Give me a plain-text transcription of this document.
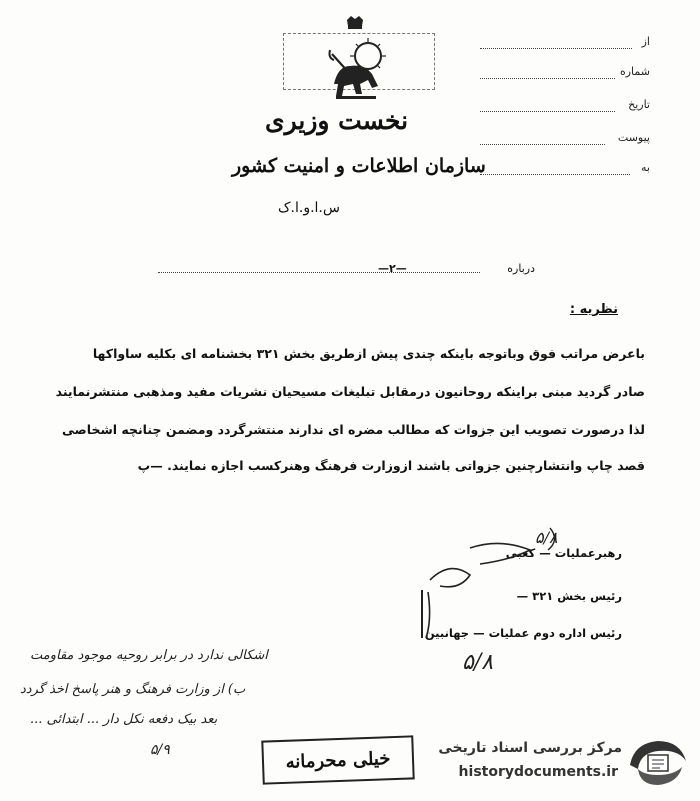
از
شماره
تاریخ
پیوست
به
نخست وزیری
سازمان اطلاعات و امنیت کشور
س.ا.و.ا.ک
درباره
—۲—
نظریه :
باعرض مراتب فوق وباتوجه باینکه چندی پیش ازطریق بخش ۳۲۱ بخشنامه ای بکلیه ساواکها
صادر گردید مبنی براینکه روحانیون درمقابل تبلیغات مسیحیان نشریات مفید ومذهبی منتشرنمایند
لذا درصورت تصویب این جزوات که مطالب مضره ای ندارند منتشرگردد ومضمن چنانچه اشخاصی
قصد چاپ وانتشارچنین جزواتی باشند ازوزارت فرهنگ وهنرکسب اجازه نمایند. —پ
رهبرعملیات — کعبی
رئیس بخش ۳۲۱ —
رئیس اداره دوم عملیات — جهانبین
۵/۸
۵/۸
اشکالی ندارد در برابر روحیه موجود مقاومت
ب) از وزارت فرهنگ و هنر پاسخ اخذ گردد
بعد بیک دفعه نکل دار ... ابتدائی ...
۵/۹	خیلی محرمانه	مرکز بررسی اسناد تاریخی
historydocuments.ir
